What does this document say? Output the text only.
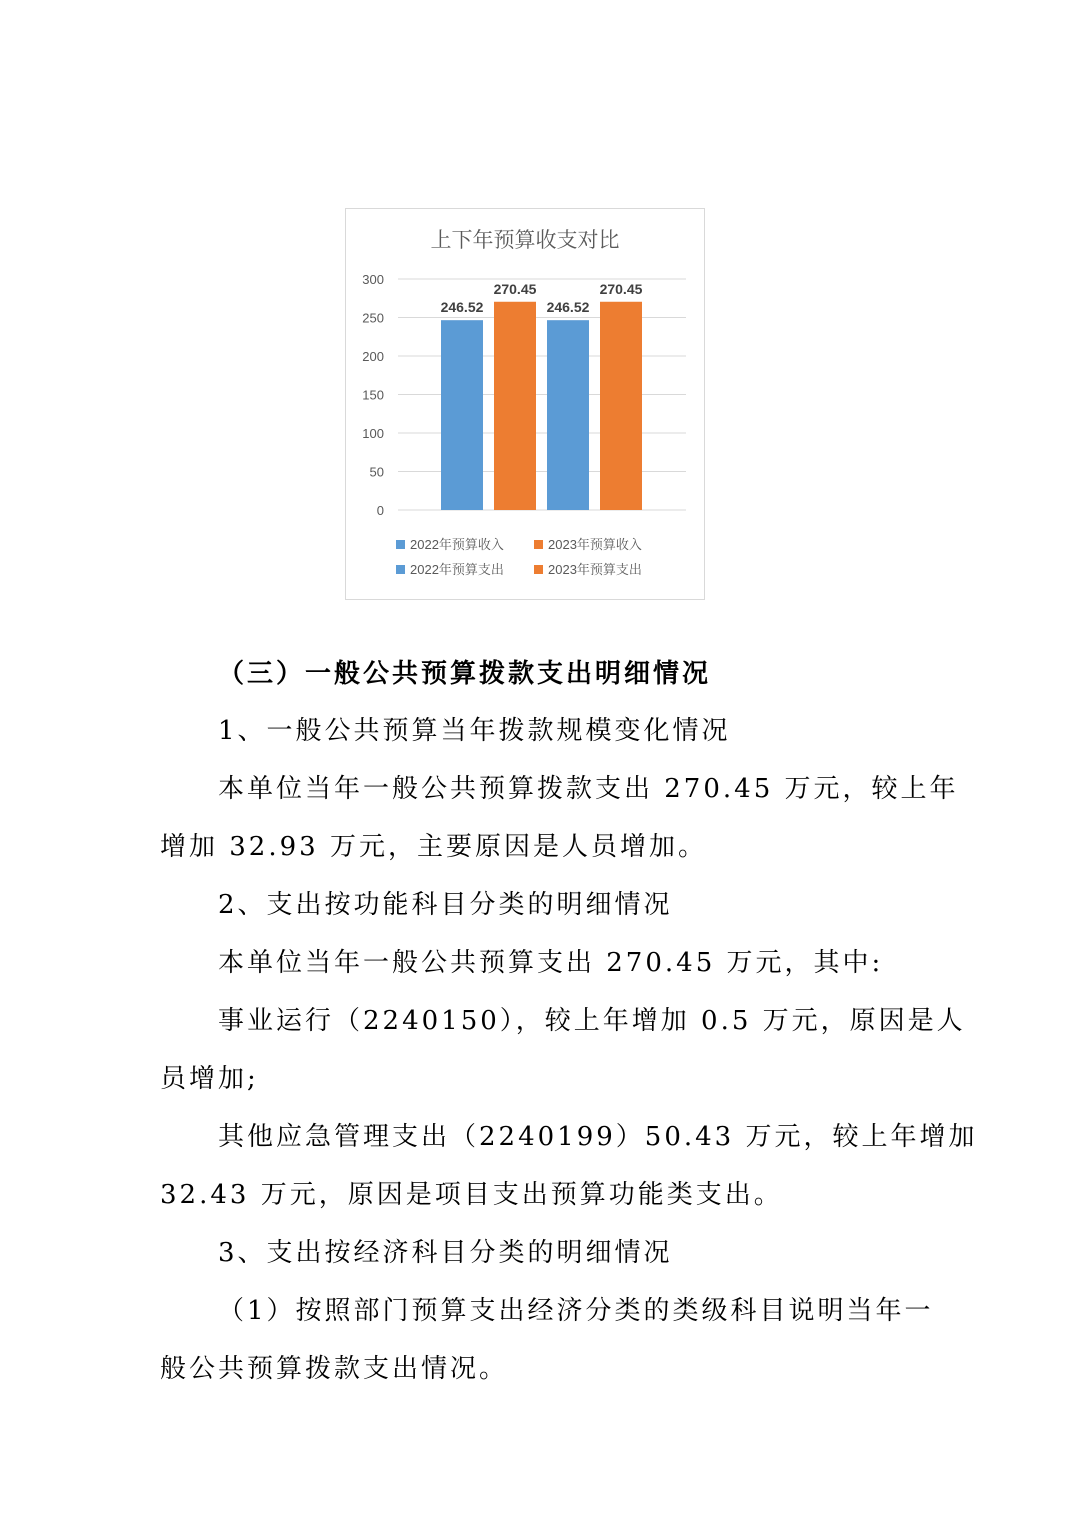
上下年预算收支对比
300
250
200
150
100
50
0
246.52
270.45
246.52
270.45
2022年预算收入	2023年预算收入
2022年预算支出	2023年预算支出
（三）一般公共预算拨款支出明细情况
1、一般公共预算当年拨款规模变化情况
本单位当年一般公共预算拨款支出 270.45 万元，较上年
增加 32.93 万元，主要原因是人员增加。
2、支出按功能科目分类的明细情况
本单位当年一般公共预算支出 270.45 万元，其中:
事业运行（2240150），较上年增加 0.5 万元，原因是人
员增加;
其他应急管理支出（2240199）50.43 万元，较上年增加
32.43 万元，原因是项目支出预算功能类支出。
3、支出按经济科目分类的明细情况
（1）按照部门预算支出经济分类的类级科目说明当年一
般公共预算拨款支出情况。
